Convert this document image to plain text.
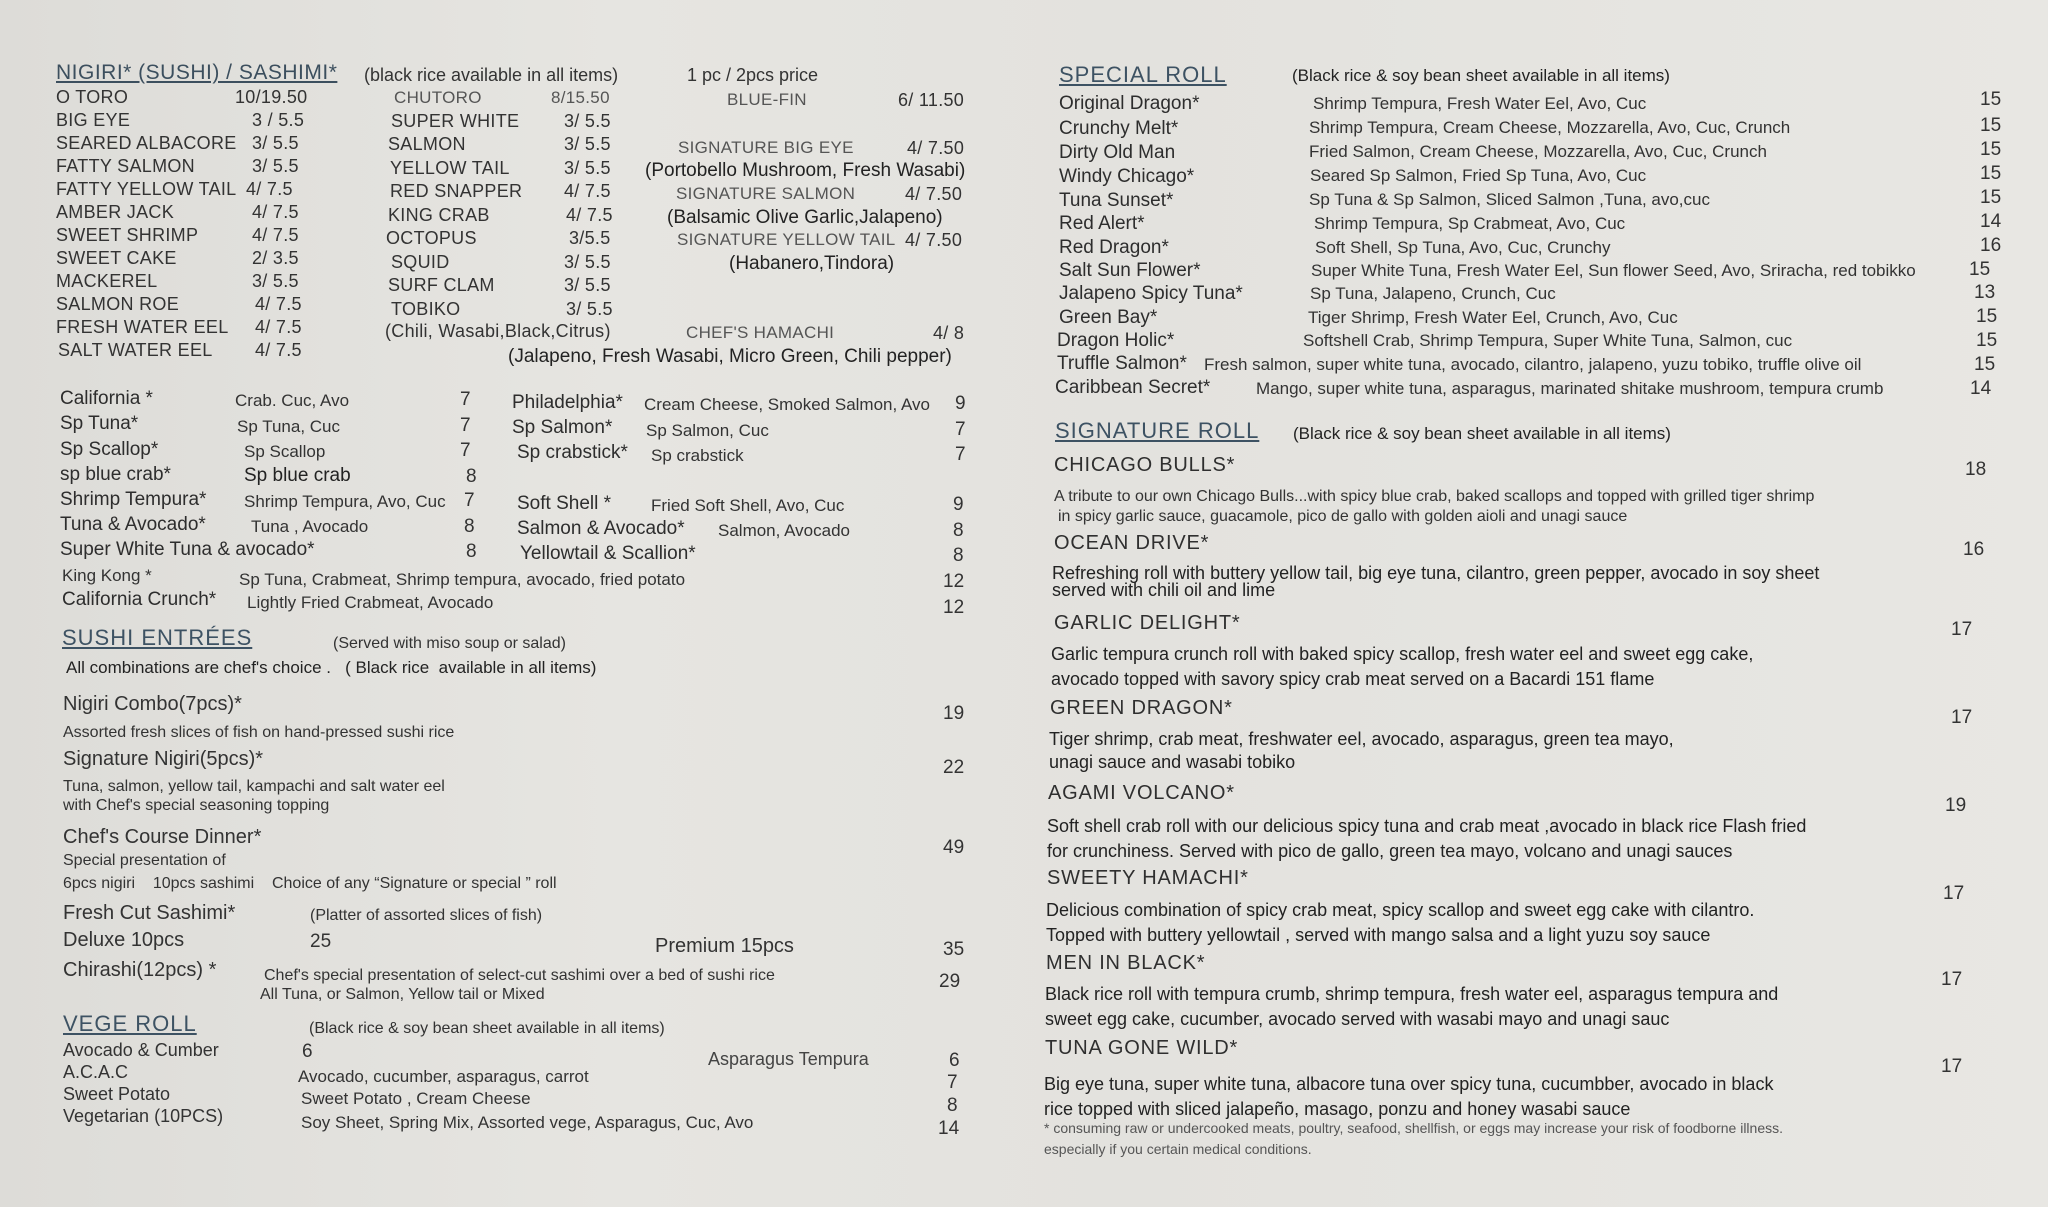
NIGIRI* (SUSHI) / SASHIMI* (black rice available in all items)	1 pc / 2pcs price
O TORO	10/19.50
BIG EYE	3 / 5.5
SEARED ALBACORE 3/ 5.5
FATTY SALMON	3/ 5.5
FATTY YELLOW TAIL 4/ 7.5
AMBER JACK	4/ 7.5
SWEET SHRIMP	4/ 7.5
SWEET CAKE	2/ 3.5
MACKEREL	3/ 5.5
SALMON ROE	4/ 7.5
FRESH WATER EEL 4/ 7.5
SALT WATER EEL 4/ 7.5
CHUTORO	8/15.50
SUPER WHITE 3/ 5.5
SALMON	3/ 5.5
YELLOW TAIL	3/ 5.5
RED SNAPPER 4/ 7.5
KING CRAB	4/ 7.5
OCTOPUS	3/5.5
SQUID	3/ 5.5
SURF CLAM	3/ 5.5
TOBIKO	3/ 5.5
(Chili, Wasabi,Black,Citrus)
BLUE-FIN	6/ 11.50
SIGNATURE BIG EYE	4/ 7.50
(Portobello Mushroom, Fresh Wasabi)
SIGNATURE SALMON	4/ 7.50
(Balsamic Olive Garlic,Jalapeno)
SIGNATURE YELLOW TAIL 4/ 7.50
(Habanero,Tindora)
CHEF'S HAMACHI	4/ 8
(Jalapeno, Fresh Wasabi, Micro Green, Chili pepper)
California *	Crab. Cuc, Avo	7
Sp Tuna*	Sp Tuna, Cuc	7
Sp Scallop*	Sp Scallop	7
sp blue crab*	Sp blue crab	8
Shrimp Tempura* Shrimp Tempura, Avo, Cuc 7
Tuna & Avocado*	Tuna , Avocado	8
Super White Tuna & avocado*	8
King Kong *	Sp Tuna, Crabmeat, Shrimp tempura, avocado, fried potato	12
California Crunch* Lightly Fried Crabmeat, Avocado	12
Philadelphia* Cream Cheese, Smoked Salmon, Avo 9
Sp Salmon* Sp Salmon, Cuc	7
Sp crabstick* Sp crabstick	7
Soft Shell * Fried Soft Shell, Avo, Cuc	9
Salmon & Avocado* Salmon, Avocado	8
Yellowtail & Scallion*	8
SUSHI ENTRÉES	(Served with miso soup or salad)
All combinations are chef's choice .   ( Black rice  available in all items)
Nigiri Combo(7pcs)*
Assorted fresh slices of fish on hand-pressed sushi rice
19
Signature Nigiri(5pcs)*
Tuna, salmon, yellow tail, kampachi and salt water eel
with Chef's special seasoning topping
22
Chef's Course Dinner*
Special presentation of
6pcs nigiri    10pcs sashimi    Choice of any “Signature or special ” roll
49
Fresh Cut Sashimi*	(Platter of assorted slices of fish)
Deluxe 10pcs	25	Premium 15pcs	35
Chirashi(12pcs) *	Chef's special presentation of select-cut sashimi over a bed of sushi rice
All Tuna, or Salmon, Yellow tail or Mixed
29
VEGE ROLL	(Black rice & soy bean sheet available in all items)
Avocado & Cumber	6	Asparagus Tempura	6
A.C.A.C	Avocado, cucumber, asparagus, carrot	7
Sweet Potato	Sweet Potato , Cream Cheese	8
Vegetarian (10PCS)	Soy Sheet, Spring Mix, Assorted vege, Asparagus, Cuc, Avo	14
SPECIAL ROLL	(Black rice & soy bean sheet available in all items)
Original Dragon*	Shrimp Tempura, Fresh Water Eel, Avo, Cuc	15
Crunchy Melt*	Shrimp Tempura, Cream Cheese, Mozzarella, Avo, Cuc, Crunch	15
Dirty Old Man	Fried Salmon, Cream Cheese, Mozzarella, Avo, Cuc, Crunch	15
Windy Chicago*	Seared Sp Salmon, Fried Sp Tuna, Avo, Cuc	15
Tuna Sunset*	Sp Tuna & Sp Salmon, Sliced Salmon ,Tuna, avo,cuc	15
Red Alert*	Shrimp Tempura, Sp Crabmeat, Avo, Cuc	14
Red Dragon*	Soft Shell, Sp Tuna, Avo, Cuc, Crunchy	16
Salt Sun Flower*	Super White Tuna, Fresh Water Eel, Sun flower Seed, Avo, Sriracha, red tobikko	15
Jalapeno Spicy Tuna*	Sp Tuna, Jalapeno, Crunch, Cuc	13
Green Bay*	Tiger Shrimp, Fresh Water Eel, Crunch, Avo, Cuc	15
Dragon Holic*	Softshell Crab, Shrimp Tempura, Super White Tuna, Salmon, cuc	15
Truffle Salmon* Fresh salmon, super white tuna, avocado, cilantro, jalapeno, yuzu tobiko, truffle olive oil	15
Caribbean Secret*	Mango, super white tuna, asparagus, marinated shitake mushroom, tempura crumb	14
SIGNATURE ROLL (Black rice & soy bean sheet available in all items)
CHICAGO BULLS*	18
A tribute to our own Chicago Bulls...with spicy blue crab, baked scallops and topped with grilled tiger shrimp
in spicy garlic sauce, guacamole, pico de gallo with golden aioli and unagi sauce
OCEAN DRIVE*	16
Refreshing roll with buttery yellow tail, big eye tuna, cilantro, green pepper, avocado in soy sheet
served with chili oil and lime
GARLIC DELIGHT*	17
Garlic tempura crunch roll with baked spicy scallop, fresh water eel and sweet egg cake,
avocado topped with savory spicy crab meat served on a Bacardi 151 flame
GREEN DRAGON*	17
Tiger shrimp, crab meat, freshwater eel, avocado, asparagus, green tea mayo,
unagi sauce and wasabi tobiko
AGAMI VOLCANO*
19
Soft shell crab roll with our delicious spicy tuna and crab meat ,avocado in black rice Flash fried
for crunchiness. Served with pico de gallo, green tea mayo, volcano and unagi sauces
SWEETY HAMACHI*
17
Delicious combination of spicy crab meat, spicy scallop and sweet egg cake with cilantro.
Topped with buttery yellowtail , served with mango salsa and a light yuzu soy sauce
MEN IN BLACK*
17
Black rice roll with tempura crumb, shrimp tempura, fresh water eel, asparagus tempura and
sweet egg cake, cucumber, avocado served with wasabi mayo and unagi sauc
TUNA GONE WILD*
17
Big eye tuna, super white tuna, albacore tuna over spicy tuna, cucumbber, avocado in black
rice topped with sliced jalapeño, masago, ponzu and honey wasabi sauce
* consuming raw or undercooked meats, poultry, seafood, shellfish, or eggs may increase your risk of foodborne illness.
especially if you certain medical conditions.
